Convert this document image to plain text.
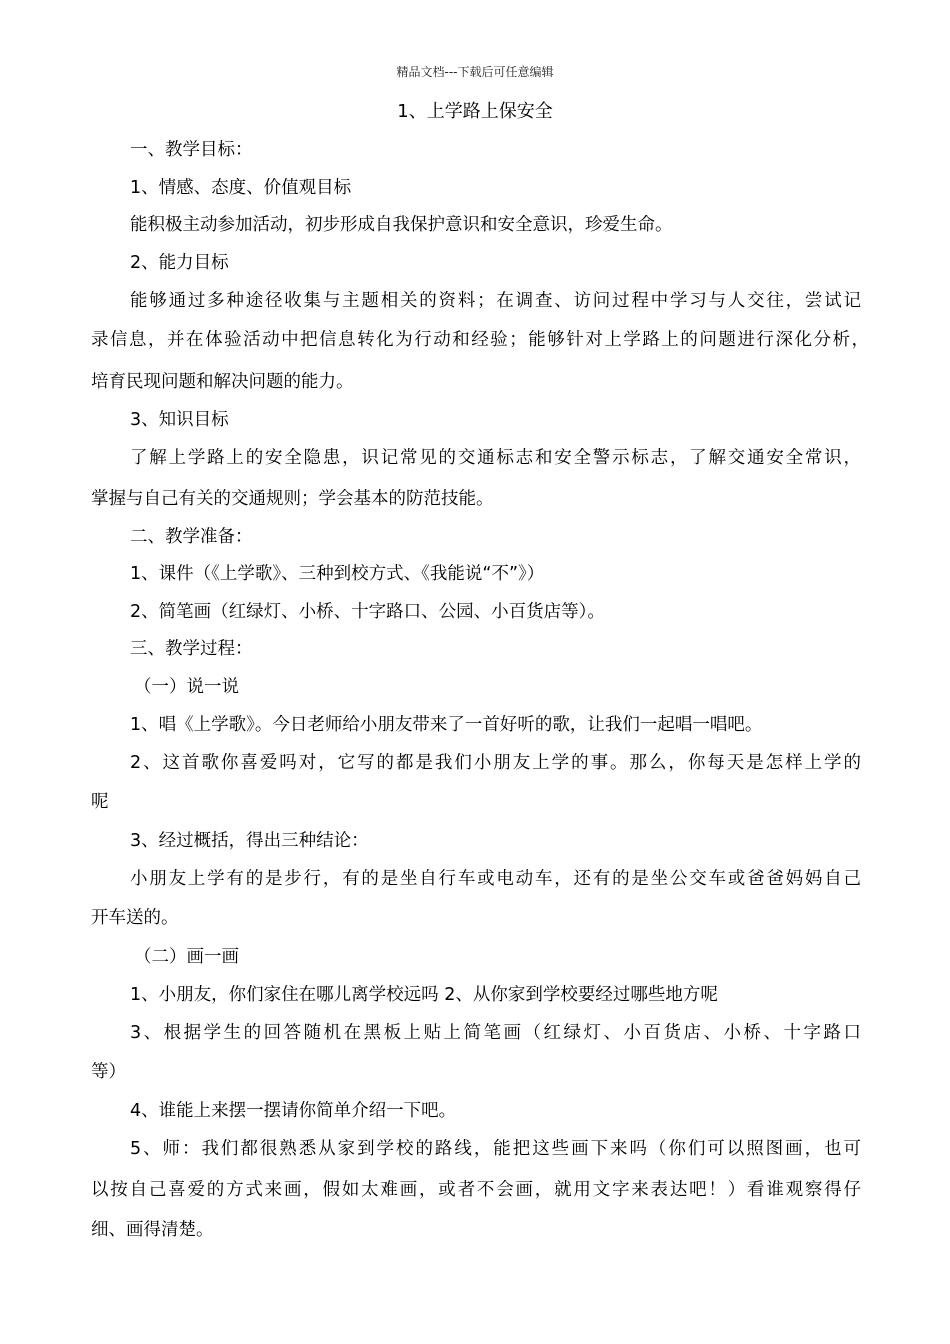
精品文档---下载后可任意编辑
1、上学路上保安全
一、教学目标：
1、情感、态度、价值观目标
能积极主动参加活动，初步形成自我保护意识和安全意识，珍爱生命。
2、能力目标
能够通过多种途径收集与主题相关的资料；在调查、访问过程中学习与人交往，尝试记
录信息，并在体验活动中把信息转化为行动和经验；能够针对上学路上的问题进行深化分析，
培育民现问题和解决问题的能力。
3、知识目标
了解上学路上的安全隐患，识记常见的交通标志和安全警示标志，了解交通安全常识，
掌握与自己有关的交通规则；学会基本的防范技能。
二、教学准备：
1、课件（《上学歌》、三种到校方式、《我能说“不”》）
2、简笔画（红绿灯、小桥、十字路口、公园、小百货店等）。
三、教学过程：
（一）说一说
1、唱《上学歌》。今日老师给小朋友带来了一首好听的歌，让我们一起唱一唱吧。
2、这首歌你喜爱吗对，它写的都是我们小朋友上学的事。那么，你每天是怎样上学的
呢
3、经过概括，得出三种结论：
小朋友上学有的是步行，有的是坐自行车或电动车，还有的是坐公交车或爸爸妈妈自己
开车送的。
（二）画一画
1、小朋友，你们家住在哪儿离学校远吗 2、从你家到学校要经过哪些地方呢
3、根据学生的回答随机在黑板上贴上简笔画（红绿灯、小百货店、小桥、十字路口
等）
4、谁能上来摆一摆请你简单介绍一下吧。
5、师：我们都很熟悉从家到学校的路线，能把这些画下来吗（你们可以照图画，也可
以按自己喜爱的方式来画，假如太难画，或者不会画，就用文字来表达吧！）看谁观察得仔
细、画得清楚。
